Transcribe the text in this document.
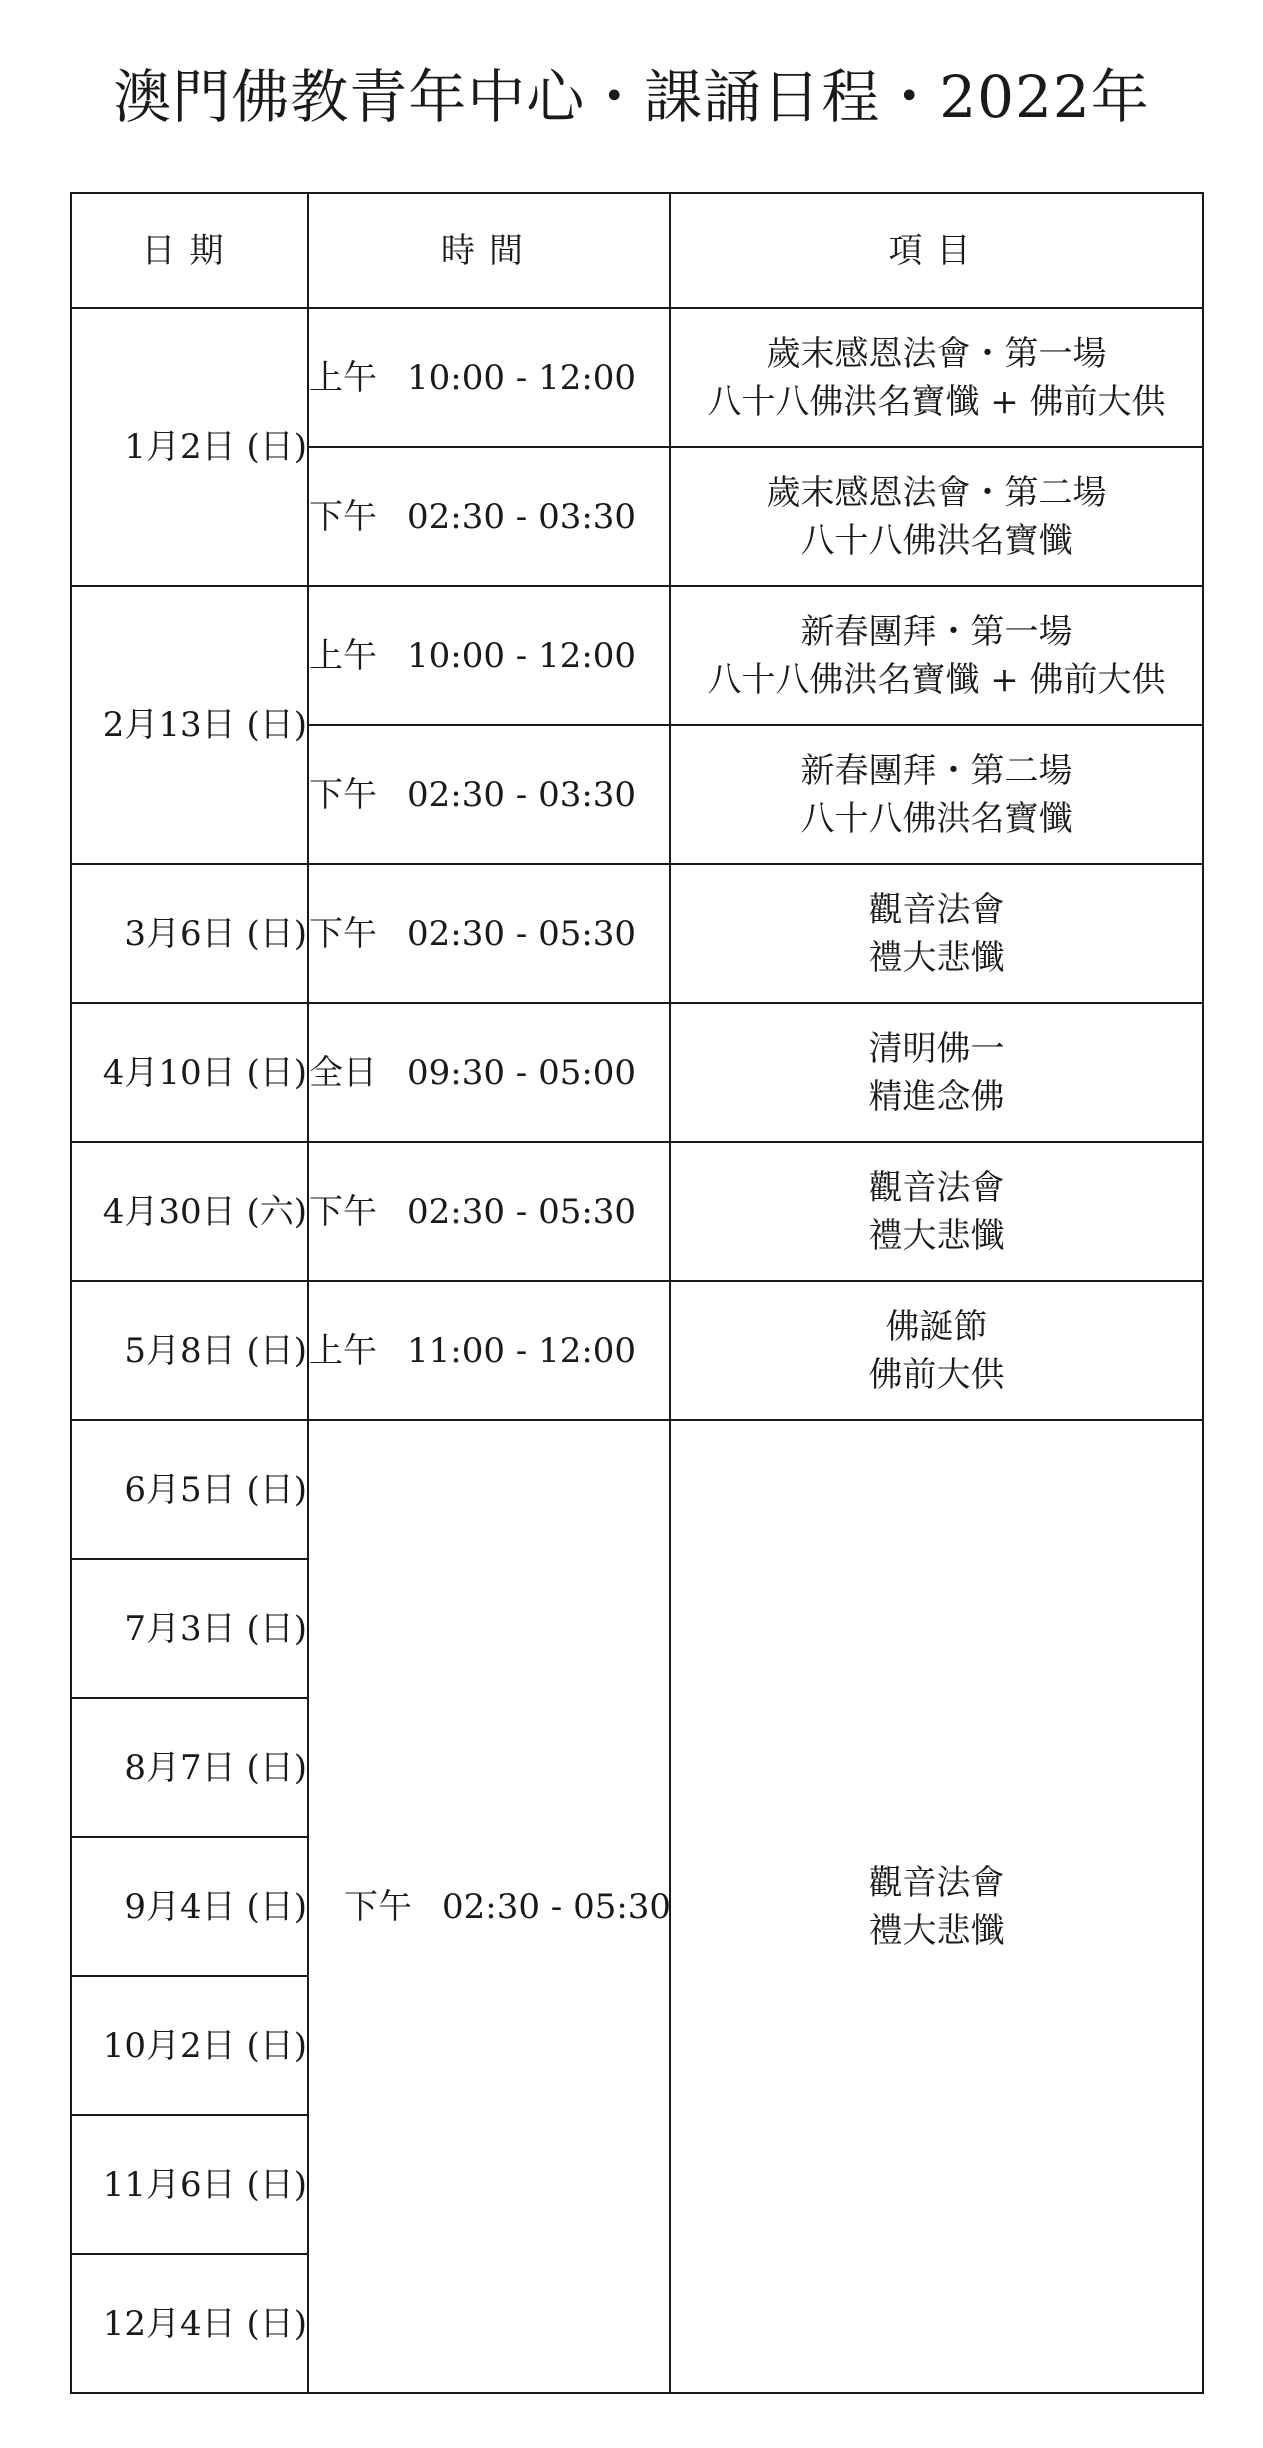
澳門佛教青年中心・課誦日程・2022年
日期	時間	項目
1月2日 (日)	上午 10:00 - 12:00	歲末感恩法會・第一場
八十八佛洪名寶懺 + 佛前大供

	下午 02:30 - 03:30	歲末感恩法會・第二場
八十八佛洪名寶懺

2月13日 (日)	上午 10:00 - 12:00	新春團拜・第一場
八十八佛洪名寶懺 + 佛前大供

	下午 02:30 - 03:30	新春團拜・第二場
八十八佛洪名寶懺

3月6日 (日)	下午 02:30 - 05:30	觀音法會
禮大悲懺

4月10日 (日)	全日 09:30 - 05:00	清明佛一
精進念佛

4月30日 (六)	下午 02:30 - 05:30	觀音法會
禮大悲懺

5月8日 (日)	上午 11:00 - 12:00	佛誕節
佛前大供

6月5日 (日)	下午 02:30 - 05:30	觀音法會
禮大悲懺

7月3日 (日)		
8月7日 (日)		
9月4日 (日)		
10月2日 (日)		
11月6日 (日)		
12月4日 (日)		
